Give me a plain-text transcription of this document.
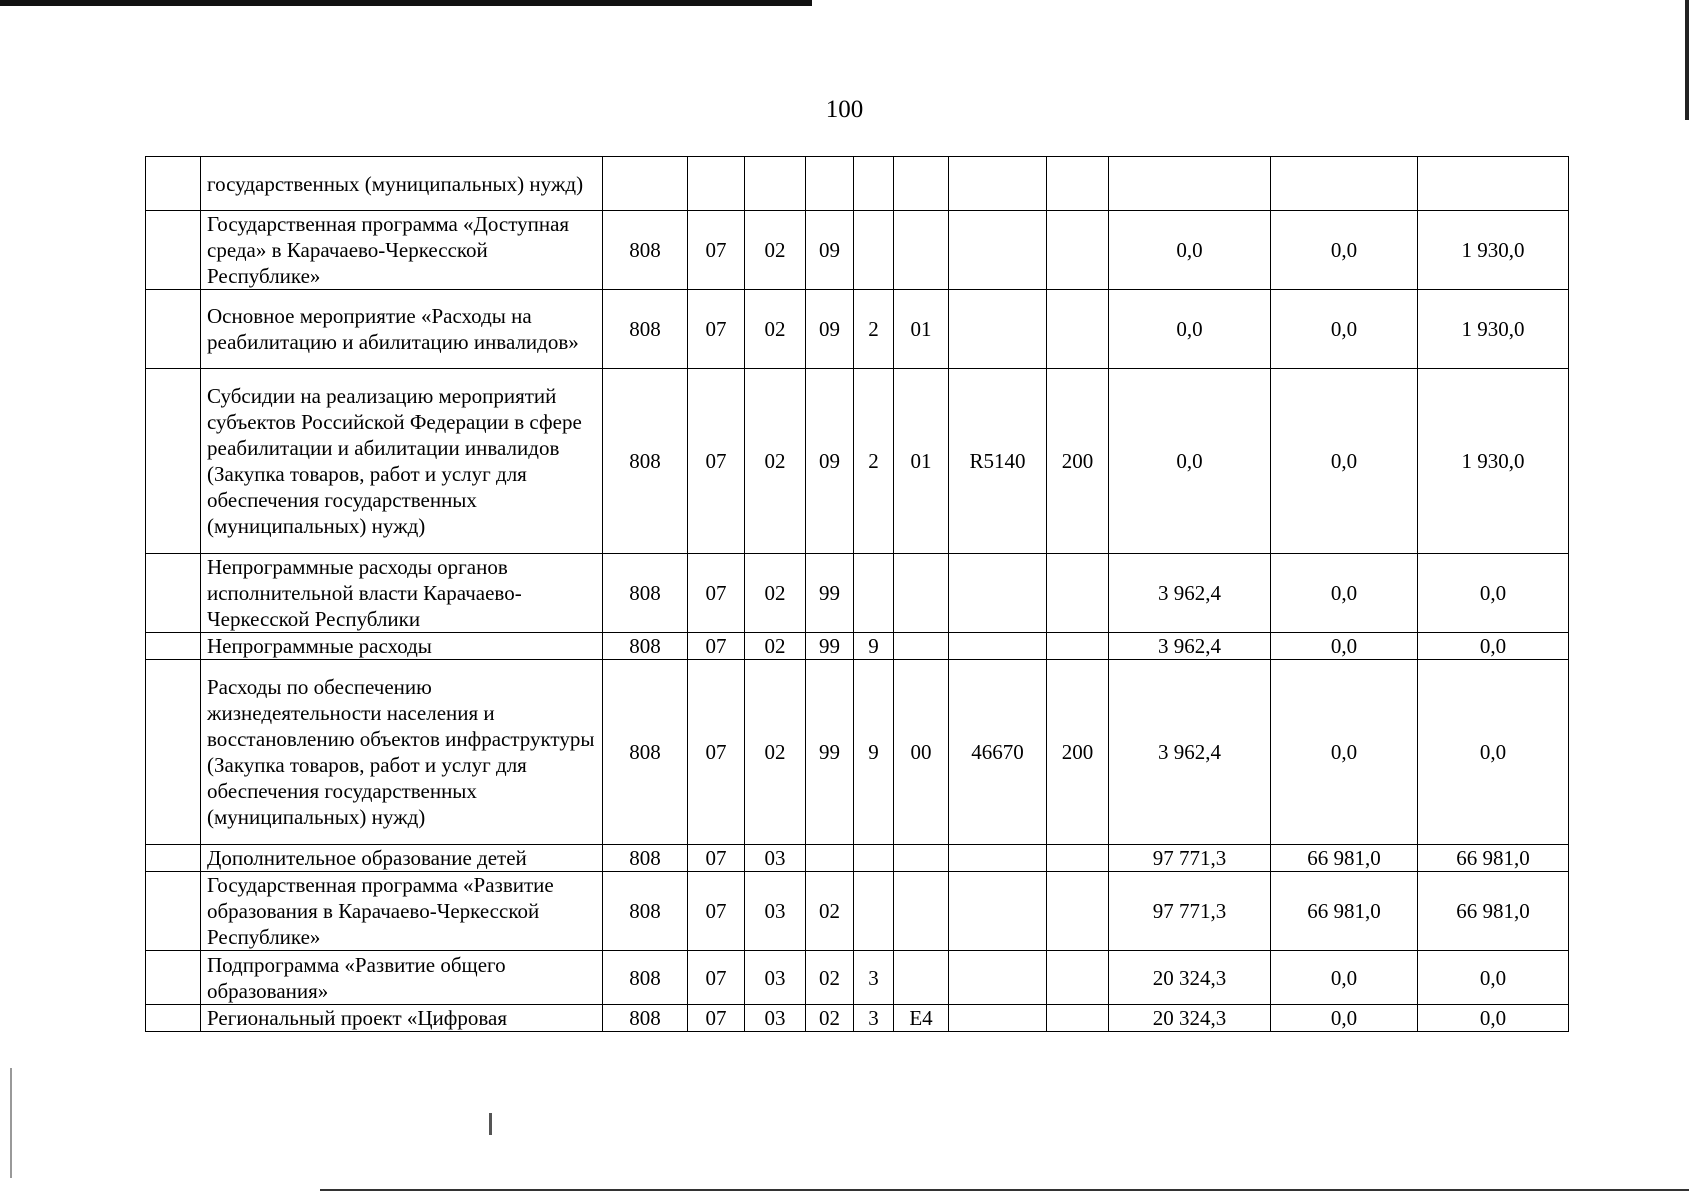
100
	государственных (муниципальных) нужд)											
	Государственная программа «Доступная среда» в Карачаево-Черкесской Республике»	808	07	02	09					0,0	0,0	1 930,0
	Основное мероприятие «Расходы на реабилитацию и абилитацию инвалидов»	808	07	02	09	2	01			0,0	0,0	1 930,0
	Субсидии на реализацию мероприятий субъектов Российской Федерации в сфере реабилитации и абилитации инвалидов (Закупка товаров, работ и услуг для обеспечения государственных (муниципальных) нужд)	808	07	02	09	2	01	R5140	200	0,0	0,0	1 930,0
	Непрограммные расходы органов исполнительной власти Карачаево-Черкесской Республики	808	07	02	99					3 962,4	0,0	0,0
	Непрограммные расходы	808	07	02	99	9				3 962,4	0,0	0,0
	Расходы по обеспечению жизнедеятельности населения и восстановлению объектов инфраструктуры (Закупка товаров, работ и услуг для обеспечения государственных (муниципальных) нужд)	808	07	02	99	9	00	46670	200	3 962,4	0,0	0,0
	Дополнительное образование детей	808	07	03						97 771,3	66 981,0	66 981,0
	Государственная программа «Развитие образования в Карачаево-Черкесской Республике»	808	07	03	02					97 771,3	66 981,0	66 981,0
	Подпрограмма «Развитие общего образования»	808	07	03	02	3				20 324,3	0,0	0,0
	Региональный проект «Цифровая	808	07	03	02	3	E4			20 324,3	0,0	0,0
